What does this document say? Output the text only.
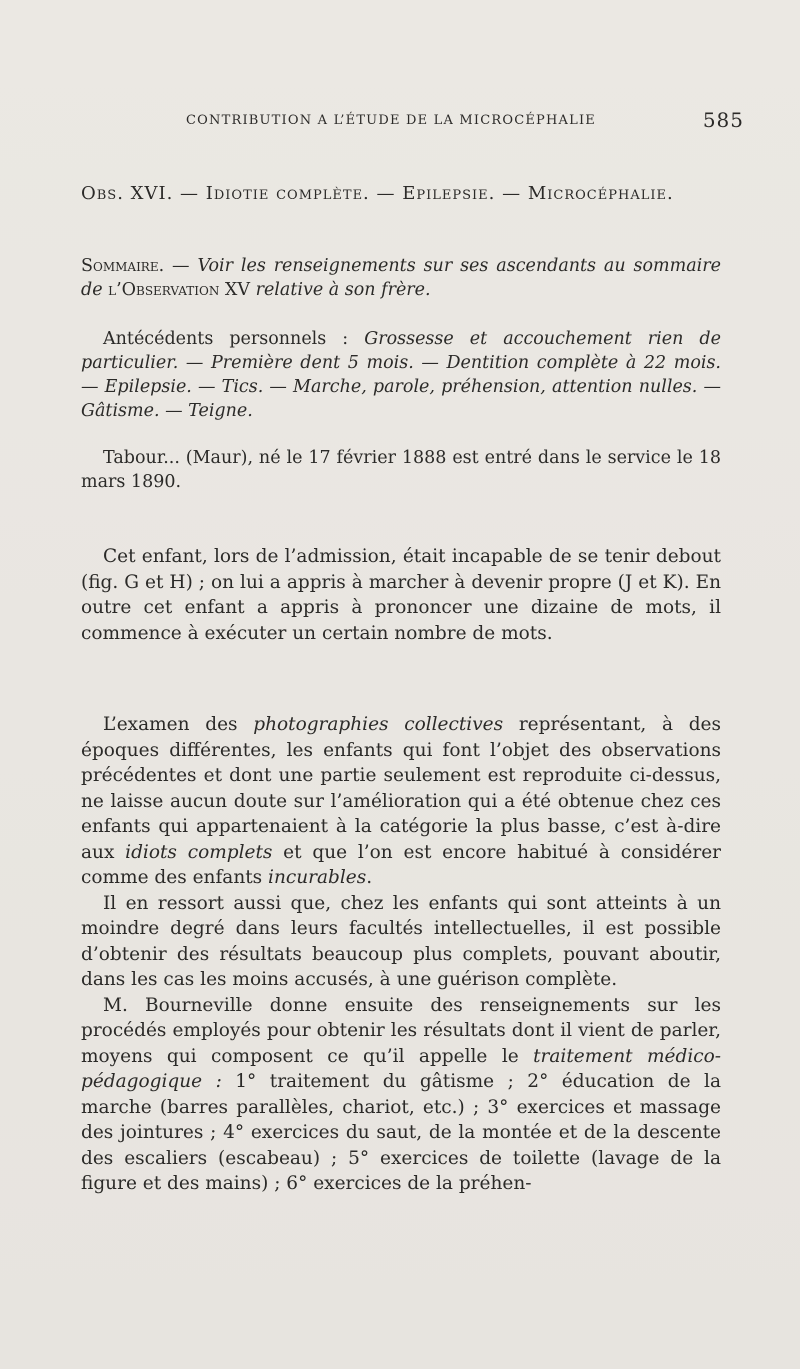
CONTRIBUTION A L’ÉTUDE DE LA MICROCÉPHALIE	585

Obs. XVI. — Idiotie complète. — Epilepsie. — Microcéphalie.

Sommaire. — Voir les renseignements sur ses ascendants au sommaire de l’Observation XV relative à son frère.

Antécédents personnels : Grossesse et accouchement rien de particulier. — Première dent 5 mois. — Dentition complète à 22 mois. — Epilepsie. — Tics. — Marche, parole, préhension, attention nulles. — Gâtisme. — Teigne.

Tabour... (Maur), né le 17 février 1888 est entré dans le service le 18 mars 1890.

Cet enfant, lors de l’admission, était incapable de se tenir debout (fig. G et H) ; on lui a appris à marcher à devenir propre (J et K). En outre cet enfant a appris à prononcer une dizaine de mots, il commence à exécuter un certain nombre de mots.

L’examen des photographies collectives représentant, à des époques différentes, les enfants qui font l’objet des observations précédentes et dont une partie seulement est reproduite ci-dessus, ne laisse aucun doute sur l’amélioration qui a été obtenue chez ces enfants qui appartenaient à la catégorie la plus basse, c’est à-dire aux idiots complets et que l’on est encore habitué à considérer comme des enfants incurables.

Il en ressort aussi que, chez les enfants qui sont atteints à un moindre degré dans leurs facultés intellectuelles, il est possible d’obtenir des résultats beaucoup plus complets, pouvant aboutir, dans les cas les moins accusés, à une guérison complète.

M. Bourneville donne ensuite des renseignements sur les procédés employés pour obtenir les résultats dont il vient de parler, moyens qui composent ce qu’il appelle le traitement médico-pédagogique : 1° traitement du gâtisme ; 2° éducation de la marche (barres parallèles, chariot, etc.) ; 3° exercices et massage des jointures ; 4° exercices du saut, de la montée et de la descente des escaliers (escabeau) ; 5° exercices de toilette (lavage de la figure et des mains) ; 6° exercices de la préhen-
